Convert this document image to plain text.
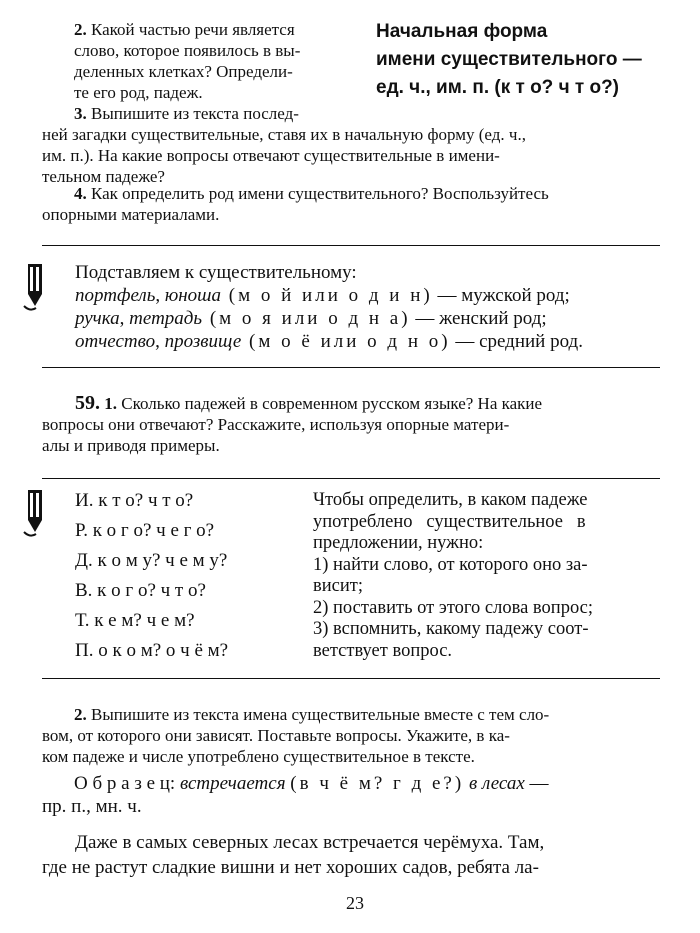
2. Какой частью речи является
слово, которое появилось в вы-
деленных клетках? Определи-
те его род, падеж.
3. Выпишите из текста послед-
Начальная форма
имени существительного —
ед. ч., им. п. (к т о? ч т о?)
ней загадки существительные, ставя их в начальную форму (ед. ч.,
им. п.). На какие вопросы отвечают существительные в имени-
тельном падеже?
4. Как определить род имени существительного? Воспользуйтесь
опорными материалами.
Подставляем к существительному:
портфель, юноша (м о й или о д и н) — мужской род;
ручка, тетрадь (м о я или о д н а) — женский род;
отчество, прозвище (м о ё или о д н о) — средний род.
59. 1. Сколько падежей в современном русском языке? На какие
вопросы они отвечают? Расскажите, используя опорные матери-
алы и приводя примеры.
И. к т о? ч т о?
Р. к о г о? ч е г о?
Д. к о м у? ч е м у?
В. к о г о? ч т о?
Т. к е м? ч е м?
П. о к о м? о ч ё м?
Чтобы определить, в каком падеже
употреблено   существительное   в
предложении, нужно:
1) найти слово, от которого оно за-
висит;
2) поставить от этого слова вопрос;
3) вспомнить, какому падежу соот-
ветствует вопрос.
2. Выпишите из текста имена существительные вместе с тем сло-
вом, от которого они зависят. Поставьте вопросы. Укажите, в ка-
ком падеже и числе употреблено существительное в тексте.
О б р а з е ц: встречается (в ч ё м? г д е?) в лесах —
пр. п., мн. ч.
Даже в самых северных лесах встречается черёмуха. Там,
где не растут сладкие вишни и нет хороших садов, ребята ла-
23
